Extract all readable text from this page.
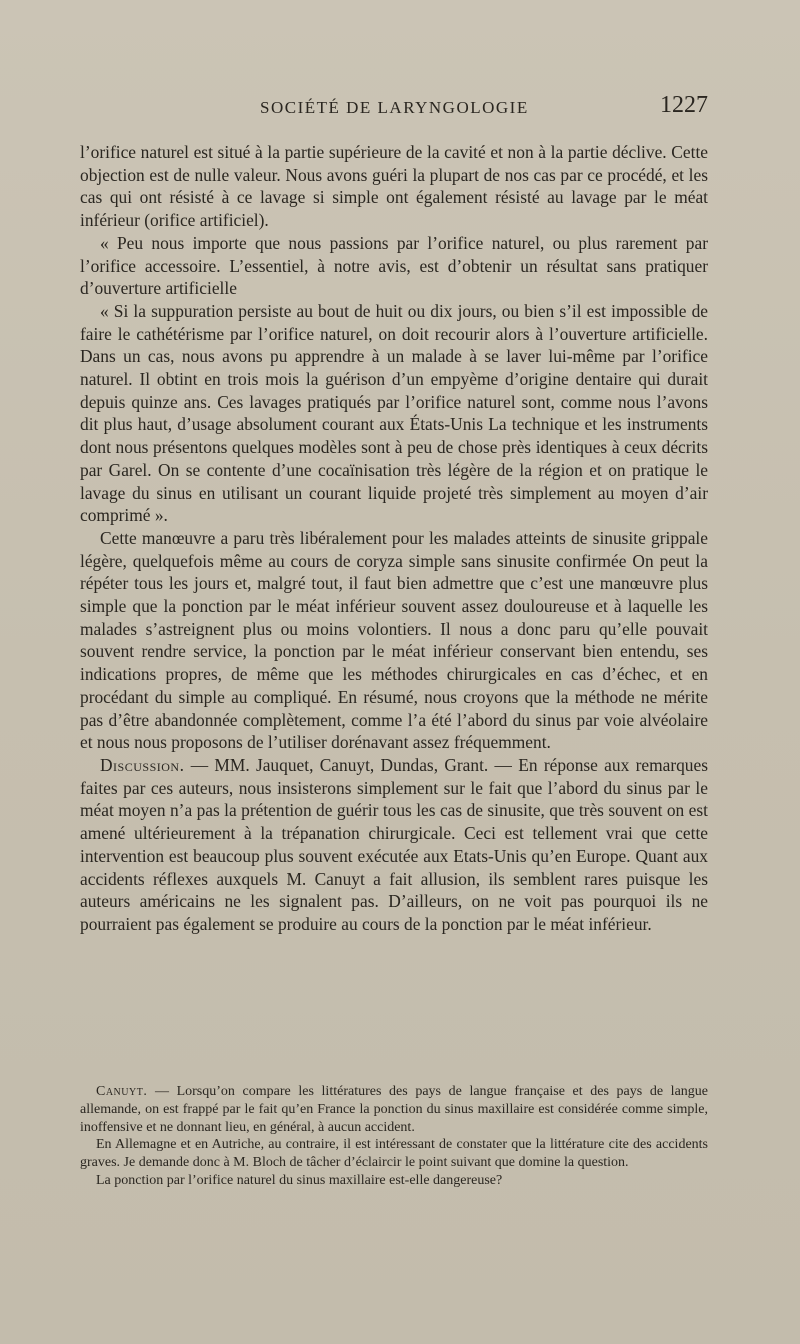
SOCIÉTÉ DE LARYNGOLOGIE	1227

l’orifice naturel est situé à la partie supérieure de la cavité et non à la partie déclive. Cette objection est de nulle valeur. Nous avons guéri la plupart de nos cas par ce procédé, et les cas qui ont résisté à ce lavage si simple ont également résisté au lavage par le méat inférieur (orifice artificiel).

« Peu nous importe que nous passions par l’orifice naturel, ou plus rarement par l’orifice accessoire. L’essentiel, à notre avis, est d’obtenir un résultat sans pratiquer d’ouverture artificielle

« Si la suppuration persiste au bout de huit ou dix jours, ou bien s’il est impossible de faire le cathétérisme par l’orifice naturel, on doit recourir alors à l’ouverture artificielle. Dans un cas, nous avons pu apprendre à un malade à se laver lui-même par l’orifice naturel. Il obtint en trois mois la guérison d’un empyème d’origine dentaire qui durait depuis quinze ans. Ces lavages pratiqués par l’orifice naturel sont, comme nous l’avons dit plus haut, d’usage absolument courant aux États-Unis La technique et les instruments dont nous présentons quelques modèles sont à peu de chose près identiques à ceux décrits par Garel. On se contente d’une cocaïnisation très légère de la région et on pratique le lavage du sinus en utilisant un courant liquide projeté très simplement au moyen d’air comprimé ».

Cette manœuvre a paru très libéralement pour les malades atteints de sinusite grippale légère, quelquefois même au cours de coryza simple sans sinusite confirmée On peut la répéter tous les jours et, malgré tout, il faut bien admettre que c’est une manœuvre plus simple que la ponction par le méat inférieur souvent assez douloureuse et à laquelle les malades s’astreignent plus ou moins volontiers. Il nous a donc paru qu’elle pouvait souvent rendre service, la ponction par le méat inférieur conservant bien entendu, ses indications propres, de même que les méthodes chirurgicales en cas d’échec, et en procédant du simple au compliqué. En résumé, nous croyons que la méthode ne mérite pas d’être abandonnée complètement, comme l’a été l’abord du sinus par voie alvéolaire et nous nous proposons de l’utiliser dorénavant assez fréquemment.

Discussion. — MM. Jauquet, Canuyt, Dundas, Grant. — En réponse aux remarques faites par ces auteurs, nous insisterons simplement sur le fait que l’abord du sinus par le méat moyen n’a pas la prétention de guérir tous les cas de sinusite, que très souvent on est amené ultérieurement à la trépanation chirurgicale. Ceci est tellement vrai que cette intervention est beaucoup plus souvent exécutée aux Etats-Unis qu’en Europe. Quant aux accidents réflexes auxquels M. Canuyt a fait allusion, ils semblent rares puisque les auteurs américains ne les signalent pas. D’ailleurs, on ne voit pas pourquoi ils ne pourraient pas également se produire au cours de la ponction par le méat inférieur.

Canuyt. — Lorsqu’on compare les littératures des pays de langue française et des pays de langue allemande, on est frappé par le fait qu’en France la ponction du sinus maxillaire est considérée comme simple, inoffensive et ne donnant lieu, en général, à aucun accident.

En Allemagne et en Autriche, au contraire, il est intéressant de constater que la littérature cite des accidents graves. Je demande donc à M. Bloch de tâcher d’éclaircir le point suivant que domine la question.

La ponction par l’orifice naturel du sinus maxillaire est-elle dangereuse?
